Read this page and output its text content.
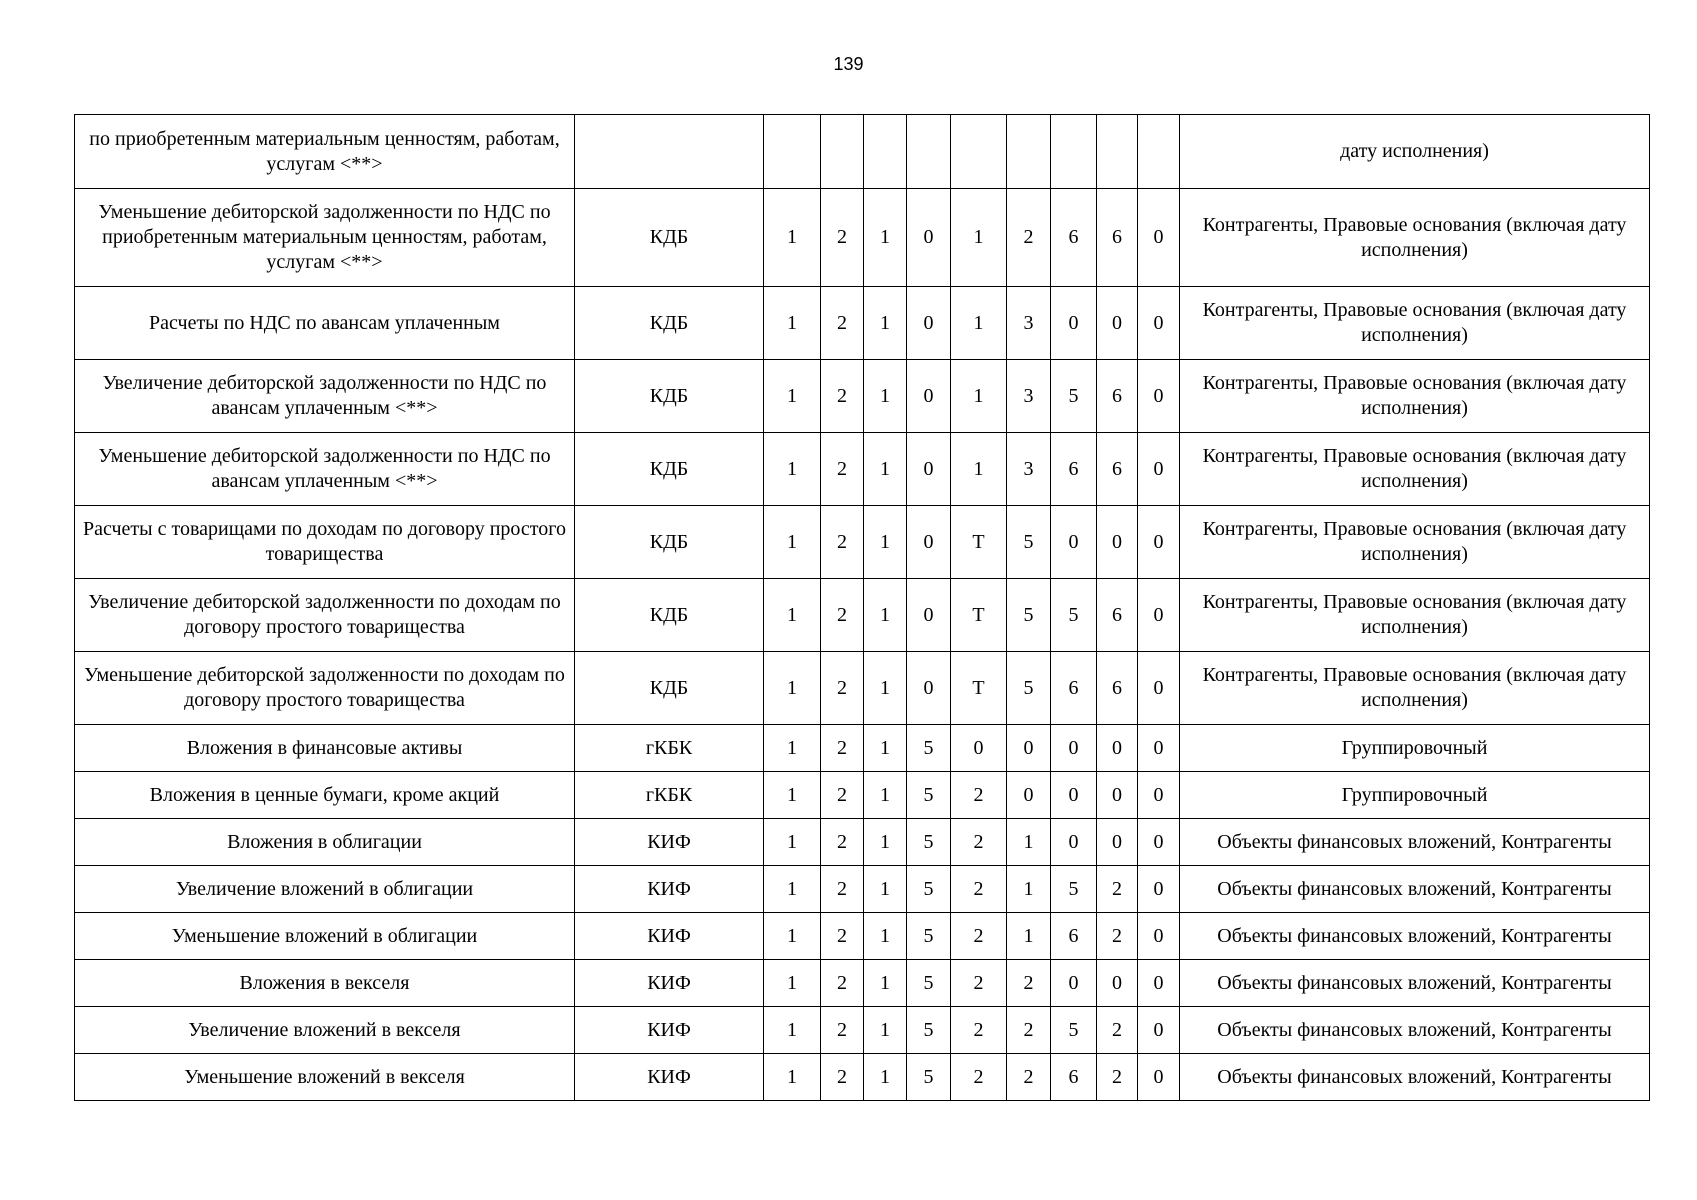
139
по приобретенным материальным ценностям, работам, услугам <**>											дату исполнения)
Уменьшение дебиторской задолженности по НДС по приобретенным материальным ценностям, работам, услугам <**>	КДБ	1	2	1	0	1	2	6	6	0	Контрагенты, Правовые основания (включая дату исполнения)
Расчеты по НДС по авансам уплаченным	КДБ	1	2	1	0	1	3	0	0	0	Контрагенты, Правовые основания (включая дату исполнения)
Увеличение дебиторской задолженности по НДС по авансам уплаченным <**>	КДБ	1	2	1	0	1	3	5	6	0	Контрагенты, Правовые основания (включая дату исполнения)
Уменьшение дебиторской задолженности по НДС по авансам уплаченным <**>	КДБ	1	2	1	0	1	3	6	6	0	Контрагенты, Правовые основания (включая дату исполнения)
Расчеты с товарищами по доходам по договору простого товарищества	КДБ	1	2	1	0	Т	5	0	0	0	Контрагенты, Правовые основания (включая дату исполнения)
Увеличение дебиторской задолженности по доходам по договору простого товарищества	КДБ	1	2	1	0	Т	5	5	6	0	Контрагенты, Правовые основания (включая дату исполнения)
Уменьшение дебиторской задолженности по доходам по договору простого товарищества	КДБ	1	2	1	0	Т	5	6	6	0	Контрагенты, Правовые основания (включая дату исполнения)
Вложения в финансовые активы	гКБК	1	2	1	5	0	0	0	0	0	Группировочный
Вложения в ценные бумаги, кроме акций	гКБК	1	2	1	5	2	0	0	0	0	Группировочный
Вложения в облигации	КИФ	1	2	1	5	2	1	0	0	0	Объекты финансовых вложений, Контрагенты
Увеличение вложений в облигации	КИФ	1	2	1	5	2	1	5	2	0	Объекты финансовых вложений, Контрагенты
Уменьшение вложений в облигации	КИФ	1	2	1	5	2	1	6	2	0	Объекты финансовых вложений, Контрагенты
Вложения в векселя	КИФ	1	2	1	5	2	2	0	0	0	Объекты финансовых вложений, Контрагенты
Увеличение вложений в векселя	КИФ	1	2	1	5	2	2	5	2	0	Объекты финансовых вложений, Контрагенты
Уменьшение вложений в векселя	КИФ	1	2	1	5	2	2	6	2	0	Объекты финансовых вложений, Контрагенты
